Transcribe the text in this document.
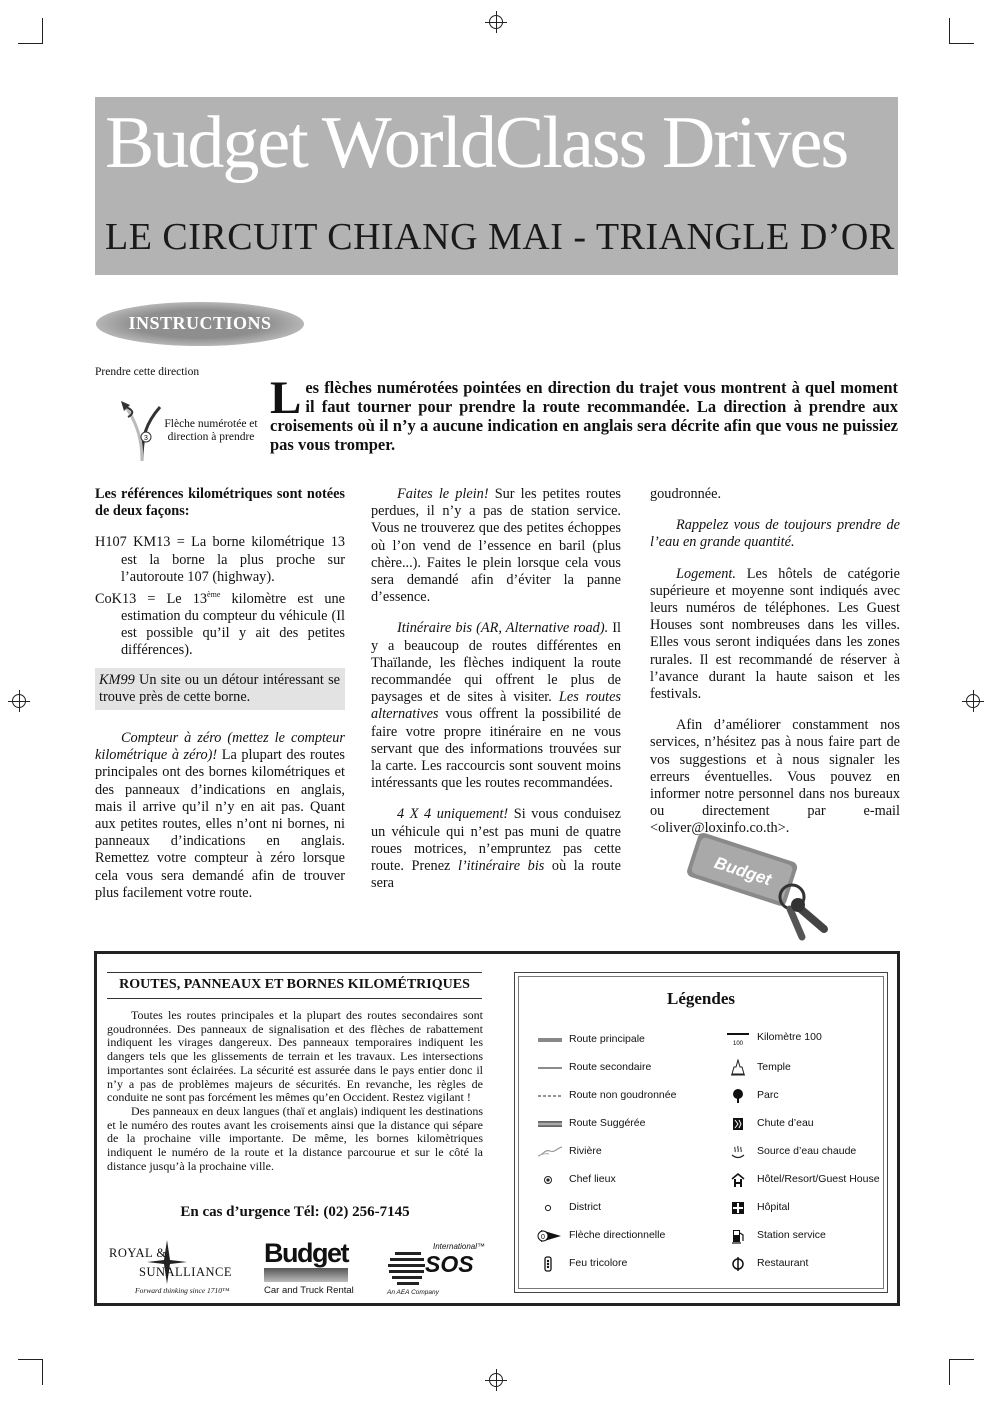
Budget WorldClass Drives
LE CIRCUIT CHIANG MAI - TRIANGLE D’OR
INSTRUCTIONS
Prendre cette direction
3
Flèche numérotée et direction à prendre
Les flèches numérotées pointées en direction du trajet vous montrent à quel moment il faut tourner pour prendre la route recommandée. La direction à prendre aux croisements où il n’y a aucune indication en anglais sera décrite afin que vous ne puissiez pas vous tromper.

Les références kilométriques sont notées de deux façons:

H107 KM13 = La borne kilométrique 13 est la borne la plus proche sur l’autoroute 107 (highway).

CoK13 = Le 13ème kilomètre est une estimation du compteur du véhicule (Il est possible qu’il y ait des petites différences).

KM99 Un site ou un détour intéressant se trouve près de cette borne.

Compteur à zéro (mettez le compteur kilométrique à zéro)! La plupart des routes principales ont des bornes kilométriques et des panneaux d’indications en anglais, mais il arrive qu’il n’y en ait pas. Quant aux petites routes, elles n’ont ni bornes, ni panneaux d’indications en anglais. Remettez votre compteur à zéro lorsque cela vous sera demandé afin de trouver plus facilement votre route.

Faites le plein! Sur les petites routes perdues, il n’y a pas de station service. Vous ne trouverez que des petites échoppes où l’on vend de l’essence en baril (plus chère...). Faites le plein lorsque cela vous sera demandé afin d’éviter la panne d’essence.

Itinéraire bis (AR, Alternative road). Il y a beaucoup de routes différentes en Thaïlande, les flèches indiquent la route recommandée qui offrent le plus de paysages et de sites à visiter. Les routes alternatives vous offrent la possibilité de faire votre propre itinéraire en ne vous servant que des informations trouvées sur la carte. Les raccourcis sont souvent moins intéressants que les routes recommandées.

4 X 4 uniquement! Si vous conduisez un véhicule qui n’est pas muni de quatre roues motrices, n’empruntez pas cette route. Prenez l’itinéraire bis où la route sera

goudronnée.

Rappelez vous de toujours prendre de l’eau en grande quantité.

Logement. Les hôtels de catégorie supérieure et moyenne sont indiqués avec leurs numéros de téléphones. Les Guest Houses sont nombreuses dans les villes. Elles vous seront indiquées dans les zones rurales. Il est recommandé de réserver à l’avance durant la haute saison et les festivals.

Afin d’améliorer constamment nos services, n’hésitez pas à nous faire part de vos suggestions et à nous signaler les erreurs éventuelles. Vous pouvez en informer notre personnel dans nos bureaux ou directement par e-mail <oliver@loxinfo.co.th>.

Budget
ROUTES, PANNEAUX ET BORNES KILOMÉTRIQUES

Toutes les routes principales et la plupart des routes secondaires sont goudronnées. Des panneaux de signalisation et des flèches de rabattement indiquent les virages dangereux. Des panneaux temporaires indiquent les dangers tels que les glissements de terrain et les travaux. Les intersections importantes sont éclairées. La sécurité est assurée dans le pays entier donc il n’y a pas de problèmes majeurs de sécurités. En revanche, les règles de conduite ne sont pas forcément les mêmes qu’en Occident. Restez vigilant !

Des panneaux en deux langues (thaï et anglais) indiquent les destinations et le numéro des routes avant les croisements ainsi que la distance qui sépare de la prochaine ville importante. De même, les bornes kilomètriques indiquent le numéro de la route et la distance parcourue et sur le côté la distance jusqu’à la prochaine ville.

En cas d’urgence Tél: (02) 256-7145
ROYAL &
SUNALLIANCE
Forward thinking since 1710™
Budget
Car and Truck Rental
International™
SOS
An AEA Company
Légendes
Route principale
Route secondaire
Route non goudronnée
Route Suggérée
Rivière
Chef lieux
District
0 Flèche directionnelle
Feu tricolore
100
Kilomètre 100
Temple
Parc
Chute d’eau
Source d’eau chaude
Hôtel/Resort/Guest House
Hôpital
Station service
Restaurant
